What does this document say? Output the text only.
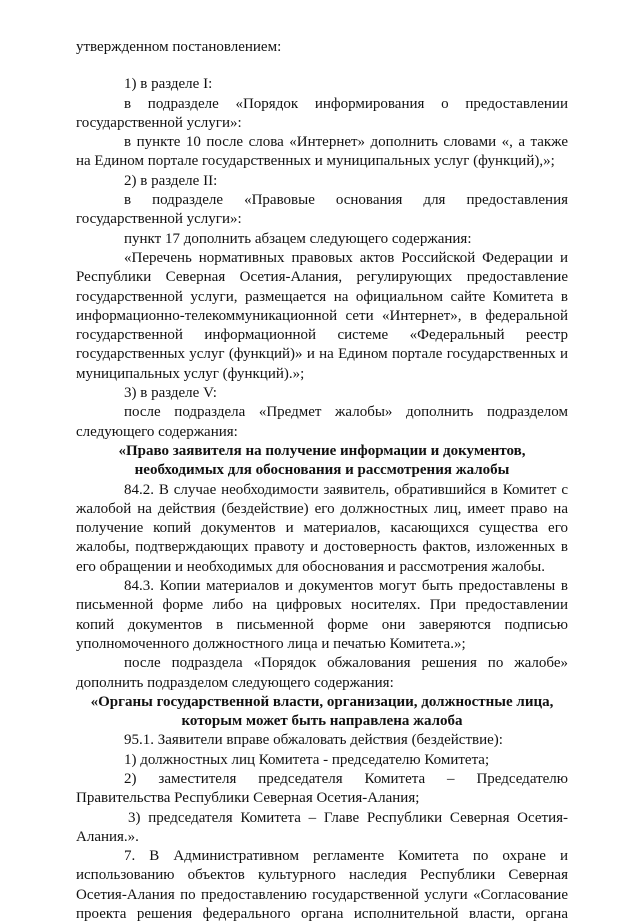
утвержденном постановлением:

1) в разделе I:

в подразделе «Порядок информирования о предоставлении государственной услуги»:

в пункте 10 после слова «Интернет» дополнить словами «, а также на Едином портале государственных и муниципальных услуг (функций),»;

2) в разделе II:

в подразделе «Правовые основания для предоставления государственной услуги»:

пункт 17 дополнить абзацем следующего содержания:

«Перечень нормативных правовых актов Российской Федерации и Республики Северная Осетия-Алания, регулирующих предоставление государственной услуги, размещается на официальном сайте Комитета в информационно-телекоммуникационной сети «Интернет», в федеральной государственной информационной системе «Федеральный реестр государственных услуг (функций)» и на Едином портале государственных и муниципальных услуг (функций).»;

3) в разделе V:

после подраздела «Предмет жалобы» дополнить подразделом следующего содержания:

«Право заявителя на получение информации и документов,

необходимых для обоснования и рассмотрения жалобы

84.2. В случае необходимости заявитель, обратившийся в Комитет с жалобой на действия (бездействие) его должностных лиц, имеет право на получение копий документов и материалов, касающихся существа его жалобы, подтверждающих правоту и достоверность фактов, изложенных в его обращении и необходимых для обоснования и рассмотрения жалобы.

84.3. Копии материалов и документов могут быть предоставлены в письменной форме либо на цифровых носителях. При предоставлении копий документов в письменной форме они заверяются подписью уполномоченного должностного лица и печатью Комитета.»;

после подраздела «Порядок обжалования решения по жалобе» дополнить подразделом следующего содержания:

«Органы государственной власти, организации, должностные лица,

которым может быть направлена жалоба

95.1. Заявители вправе обжаловать действия (бездействие):

1) должностных лиц Комитета - председателю Комитета;

2) заместителя председателя Комитета – Председателю Правительства Республики Северная Осетия-Алания;

3) председателя Комитета – Главе Республики Северная Осетия-Алания.».

7. В Административном регламенте Комитета по охране и использованию объектов культурного наследия Республики Северная Осетия-Алания по предоставлению государственной услуги «Согласование проекта решения федерального органа исполнительной власти, органа
